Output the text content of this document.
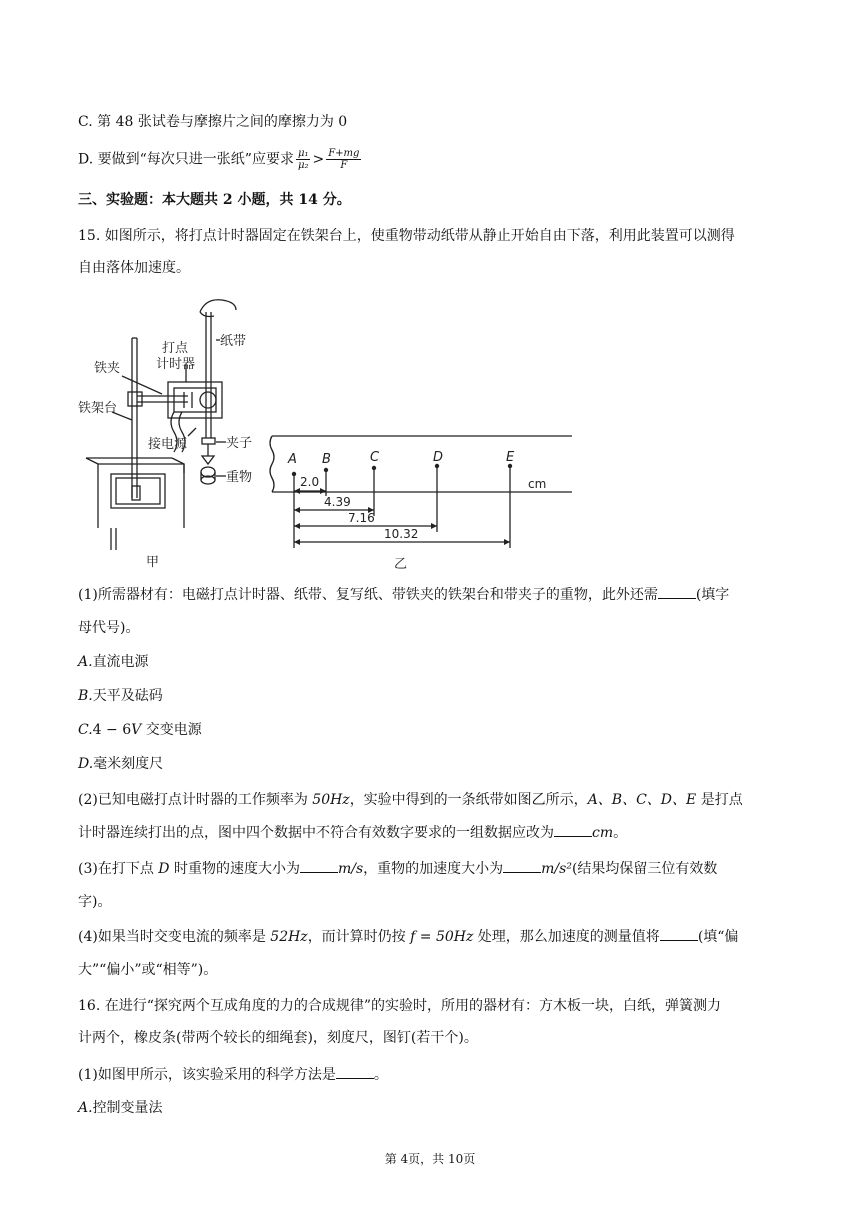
C. 第 48 张试卷与摩擦片之间的摩擦力为 0
D. 要做到“每次只进一张纸”应要求 $\frac{\text{μ₁}}{\text{μ₂}} > \frac{F+mg}{F}$
三、实验题：本大题共 2 小题，共 14 分。
15. 如图所示，将打点计时器固定在铁架台上，使重物带动纸带从静止开始自由下落，利用此装置可以测得
自由落体加速度。
打点
计时器
纸带
铁夹
铁架台
夹子
接电源
重物
甲	乙
A B	C	D	E
cm
2.0
4.39
7.16
10.32
(1)所需器材有：电磁打点计时器、纸带、复写纸、带铁夹的铁架台和带夹子的重物，此外还需	(填字
母代号)。
A.直流电源
B.天平及砝码
C.4 − 6V 交变电源
D.毫米刻度尺
(2)已知电磁打点计时器的工作频率为 50Hz，实验中得到的一条纸带如图乙所示，A、B、C、D、E 是打点
计时器连续打出的点，图中四个数据中不符合有效数字要求的一组数据应改为	cm。
(3)在打下点 D 时重物的速度大小为	m/s，重物的加速度大小为	m/s²(结果均保留三位有效数
字)。
(4)如果当时交变电流的频率是 52Hz，而计算时仍按 f = 50Hz 处理，那么加速度的测量值将	(填“偏
大”“偏小”或“相等”)。
16. 在进行“探究两个互成角度的力的合成规律”的实验时，所用的器材有：方木板一块，白纸，弹簧测力
计两个，橡皮条(带两个较长的细绳套)，刻度尺，图钉(若干个)。
(1)如图甲所示，该实验采用的科学方法是	。
A.控制变量法
第 4页，共 10页
